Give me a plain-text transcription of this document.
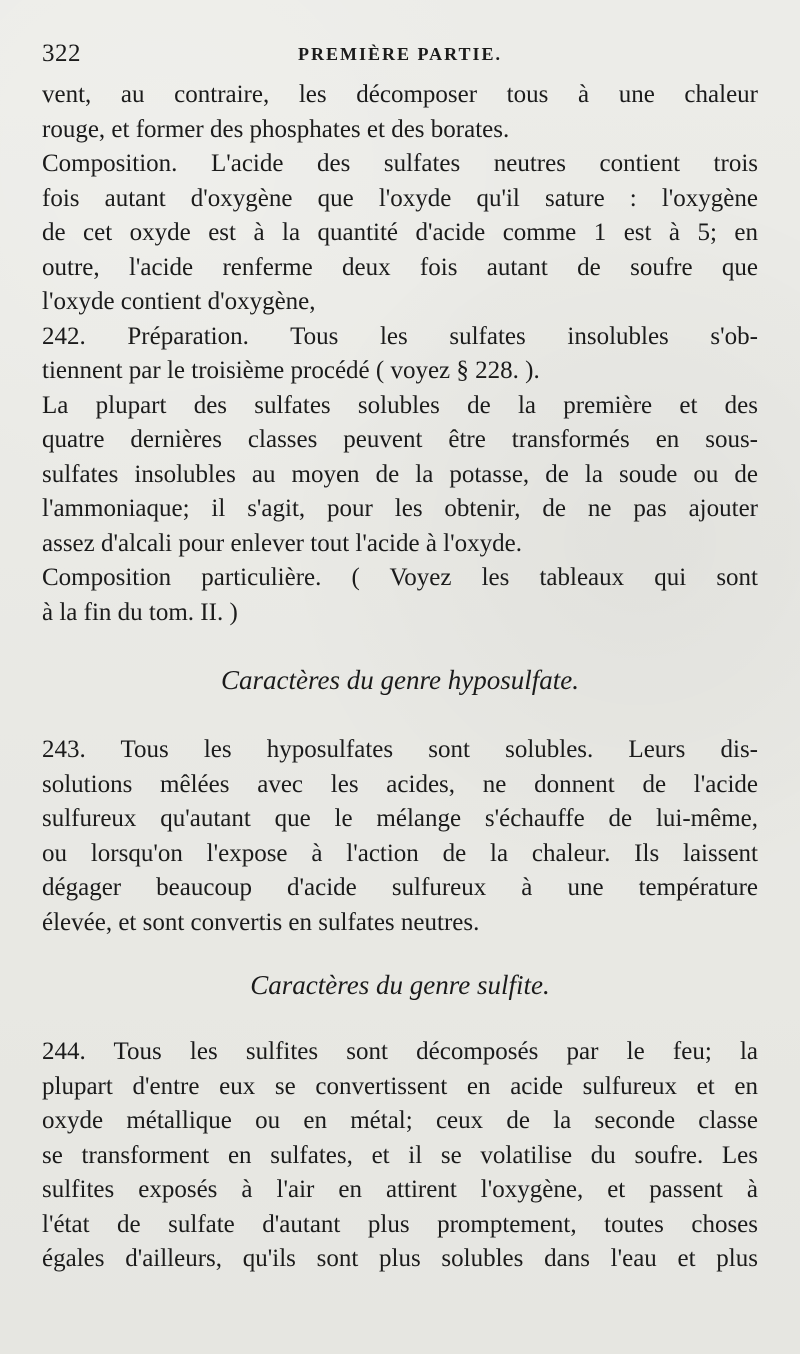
322	PREMIÈRE PARTIE.
vent, au contraire, les décomposer tous à une chaleur
rouge, et former des phosphates et des borates.
Composition. L'acide des sulfates neutres contient trois
fois autant d'oxygène que l'oxyde qu'il sature : l'oxygène
de cet oxyde est à la quantité d'acide comme 1 est à 5; en
outre, l'acide renferme deux fois autant de soufre que
l'oxyde contient d'oxygène,
242. Préparation. Tous les sulfates insolubles s'ob-
tiennent par le troisième procédé ( voyez § 228. ).
La plupart des sulfates solubles de la première et des
quatre dernières classes peuvent être transformés en sous-
sulfates insolubles au moyen de la potasse, de la soude ou de
l'ammoniaque; il s'agit, pour les obtenir, de ne pas ajouter
assez d'alcali pour enlever tout l'acide à l'oxyde.
Composition particulière. ( Voyez les tableaux qui sont
à la fin du tom. II. )
Caractères du genre hyposulfate.
243. Tous les hyposulfates sont solubles. Leurs dis-
solutions mêlées avec les acides, ne donnent de l'acide
sulfureux qu'autant que le mélange s'échauffe de lui-même,
ou lorsqu'on l'expose à l'action de la chaleur. Ils laissent
dégager beaucoup d'acide sulfureux à une température
élevée, et sont convertis en sulfates neutres.
Caractères du genre sulfite.
244. Tous les sulfites sont décomposés par le feu; la
plupart d'entre eux se convertissent en acide sulfureux et en
oxyde métallique ou en métal; ceux de la seconde classe
se transforment en sulfates, et il se volatilise du soufre. Les
sulfites exposés à l'air en attirent l'oxygène, et passent à
l'état de sulfate d'autant plus promptement, toutes choses
égales d'ailleurs, qu'ils sont plus solubles dans l'eau et plus
